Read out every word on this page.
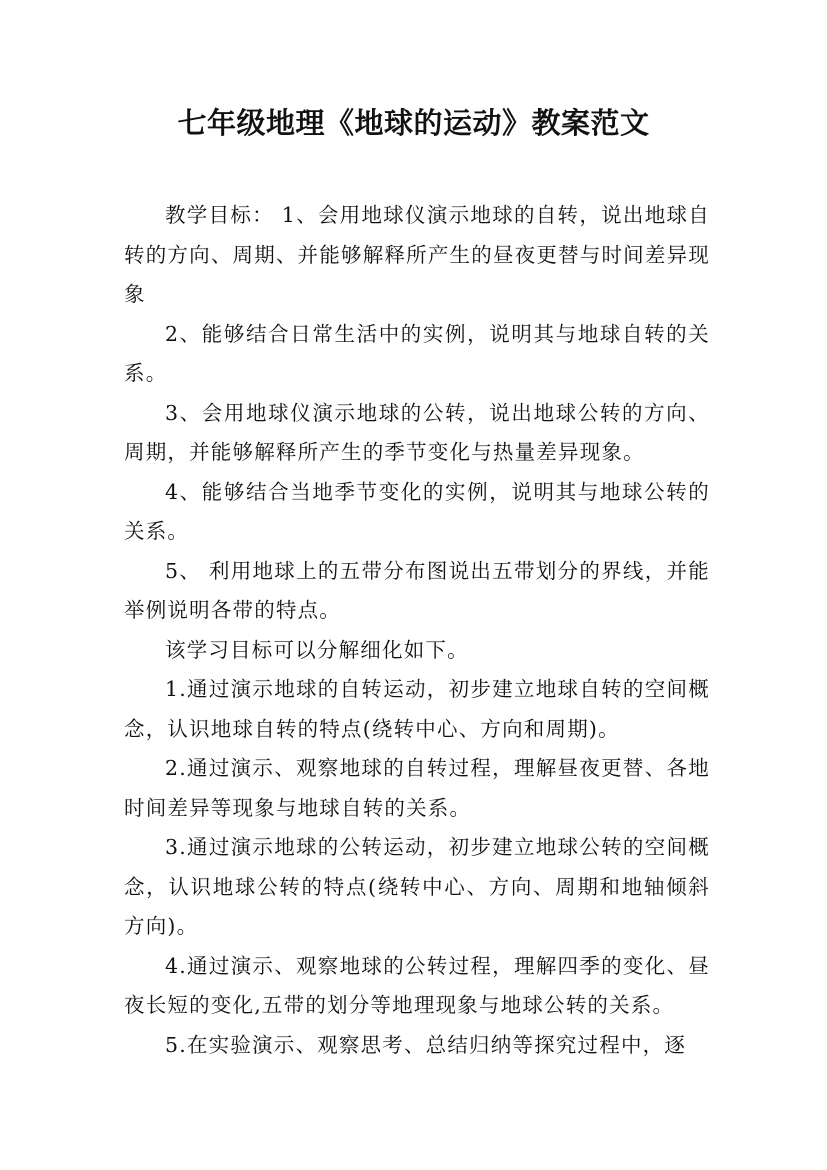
七年级地理《地球的运动》教案范文

教学目标： 1、会用地球仪演示地球的自转，说出地球自转的方向、周期、并能够解释所产生的昼夜更替与时间差异现象

2、能够结合日常生活中的实例，说明其与地球自转的关系。

3、会用地球仪演示地球的公转，说出地球公转的方向、周期，并能够解释所产生的季节变化与热量差异现象。

4、能够结合当地季节变化的实例，说明其与地球公转的关系。

5、 利用地球上的五带分布图说出五带划分的界线，并能举例说明各带的特点。

该学习目标可以分解细化如下。

1.通过演示地球的自转运动，初步建立地球自转的空间概念，认识地球自转的特点(绕转中心、方向和周期)。

2.通过演示、观察地球的自转过程，理解昼夜更替、各地时间差异等现象与地球自转的关系。

3.通过演示地球的公转运动，初步建立地球公转的空间概念，认识地球公转的特点(绕转中心、方向、周期和地轴倾斜方向)。

4.通过演示、观察地球的公转过程，理解四季的变化、昼夜长短的变化,五带的划分等地理现象与地球公转的关系。

5.在实验演示、观察思考、总结归纳等探究过程中，逐
